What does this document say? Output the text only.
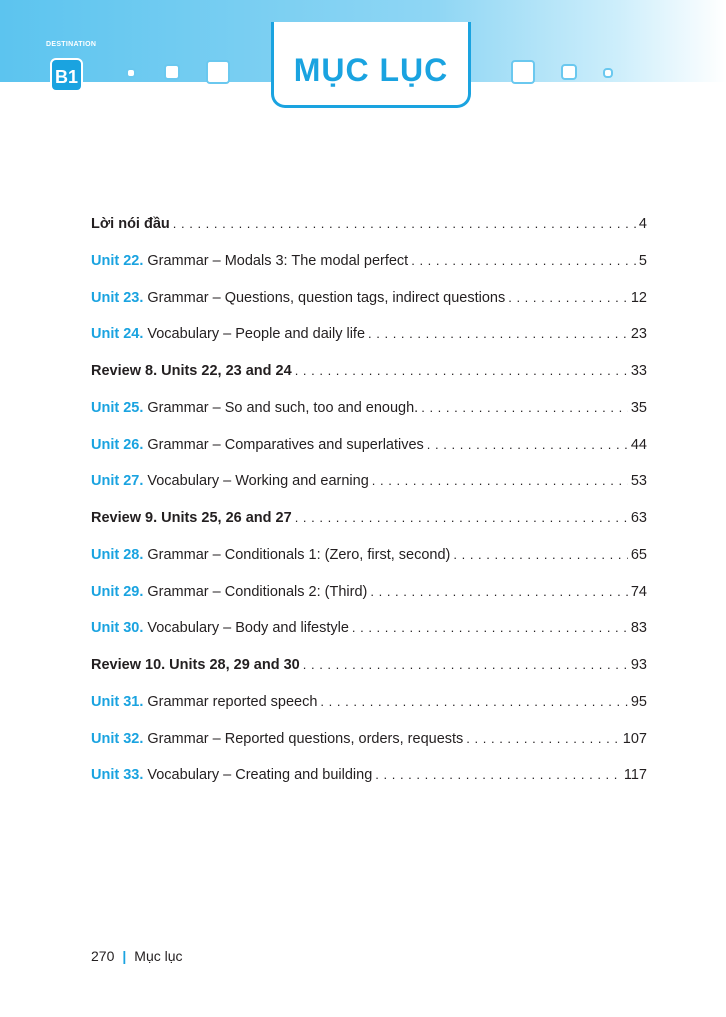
DESTINATION
B1	MỤC LỤC
Lời nói đầu . . .	4
Unit 22. Grammar – Modals 3: The modal perfect . . .	5
Unit 23. Grammar – Questions, question tags, indirect questions . . .	12
Unit 24. Vocabulary – People and daily life . . .	23
Review 8. Units 22, 23 and 24 . . .	33
Unit 25. Grammar – So and such, too and enough. . . .	35
Unit 26. Grammar – Comparatives and superlatives . . .	44
Unit 27. Vocabulary – Working and earning . . .	53
Review 9. Units 25, 26 and 27 . . .	63
Unit 28. Grammar – Conditionals 1: (Zero, first, second) . . .	65
Unit 29. Grammar – Conditionals 2: (Third) . . .	74
Unit 30. Vocabulary – Body and lifestyle . . .	83
Review 10. Units 28, 29 and 30 . . .	93
Unit 31. Grammar reported speech . . .	95
Unit 32. Grammar – Reported questions, orders, requests . . .	107
Unit 33. Vocabulary – Creating and building . . .	117
270 | Mục lục
